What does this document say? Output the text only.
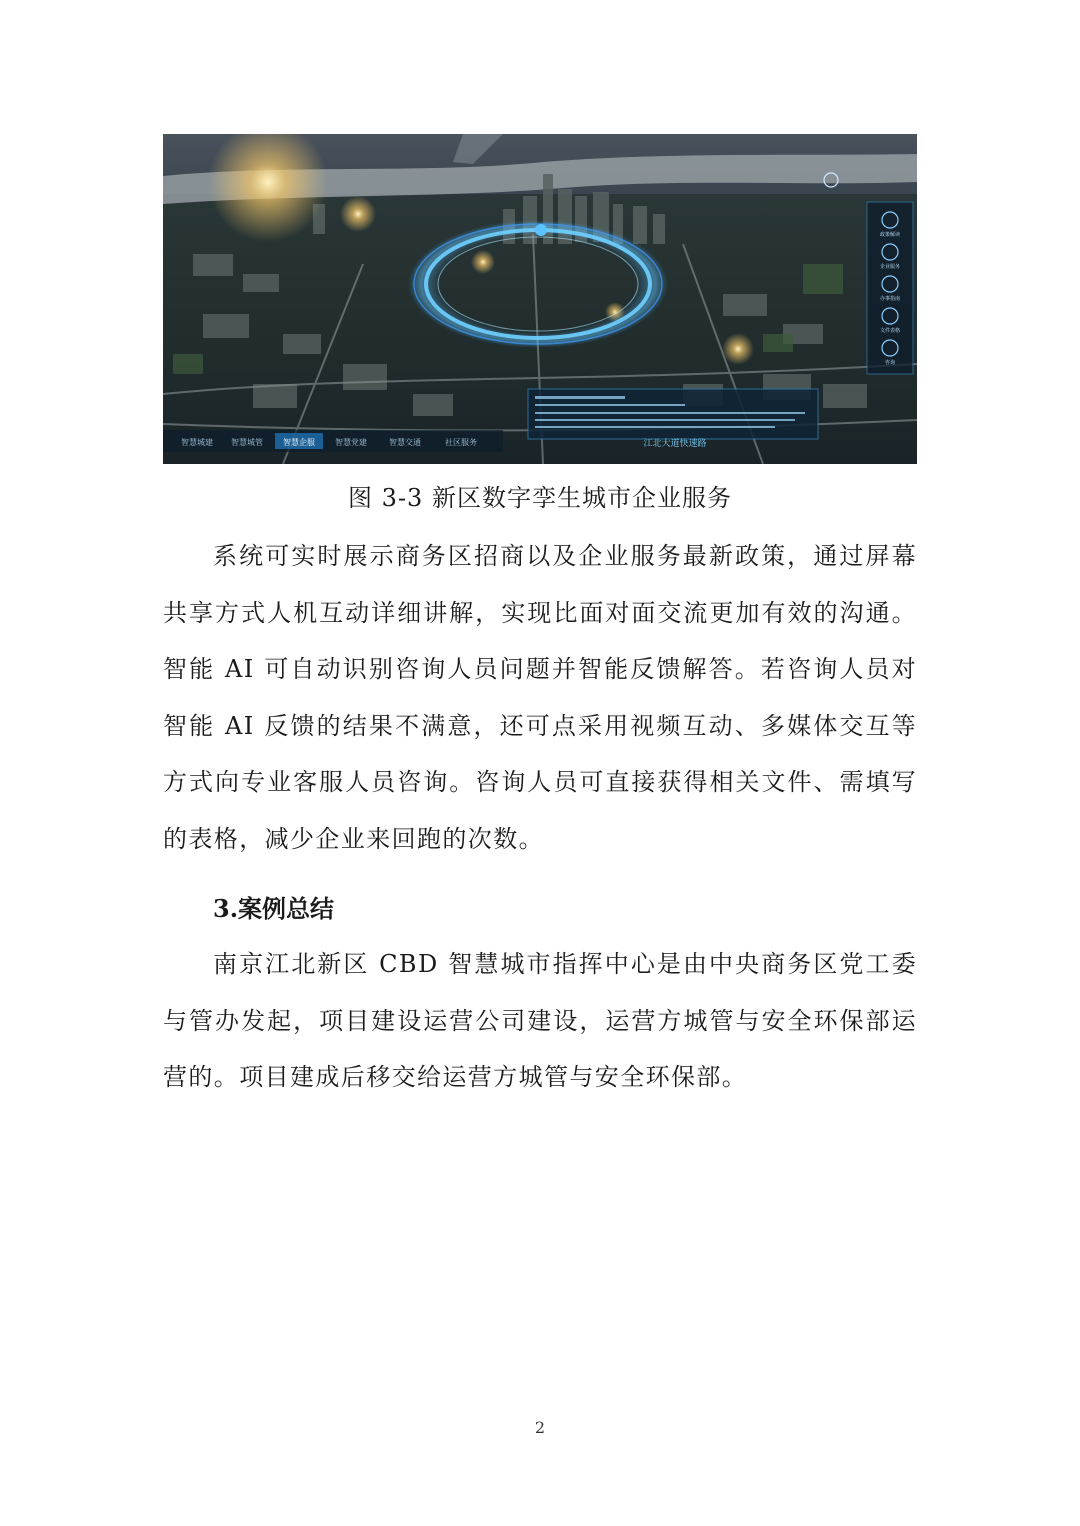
江北大道快速路
智慧城建 智慧城管	智慧企服	智慧党建	智慧交通	社区服务
政策解读
企业服务
办事指南
文件表格
咨询
图 3-3 新区数字孪生城市企业服务

系统可实时展示商务区招商以及企业服务最新政策，通过屏幕共享方式人机互动详细讲解，实现比面对面交流更加有效的沟通。智能 AI 可自动识别咨询人员问题并智能反馈解答。若咨询人员对智能 AI 反馈的结果不满意，还可点采用视频互动、多媒体交互等方式向专业客服人员咨询。咨询人员可直接获得相关文件、需填写的表格，减少企业来回跑的次数。

3.案例总结

南京江北新区 CBD 智慧城市指挥中心是由中央商务区党工委与管办发起，项目建设运营公司建设，运营方城管与安全环保部运营的。项目建成后移交给运营方城管与安全环保部。

2
